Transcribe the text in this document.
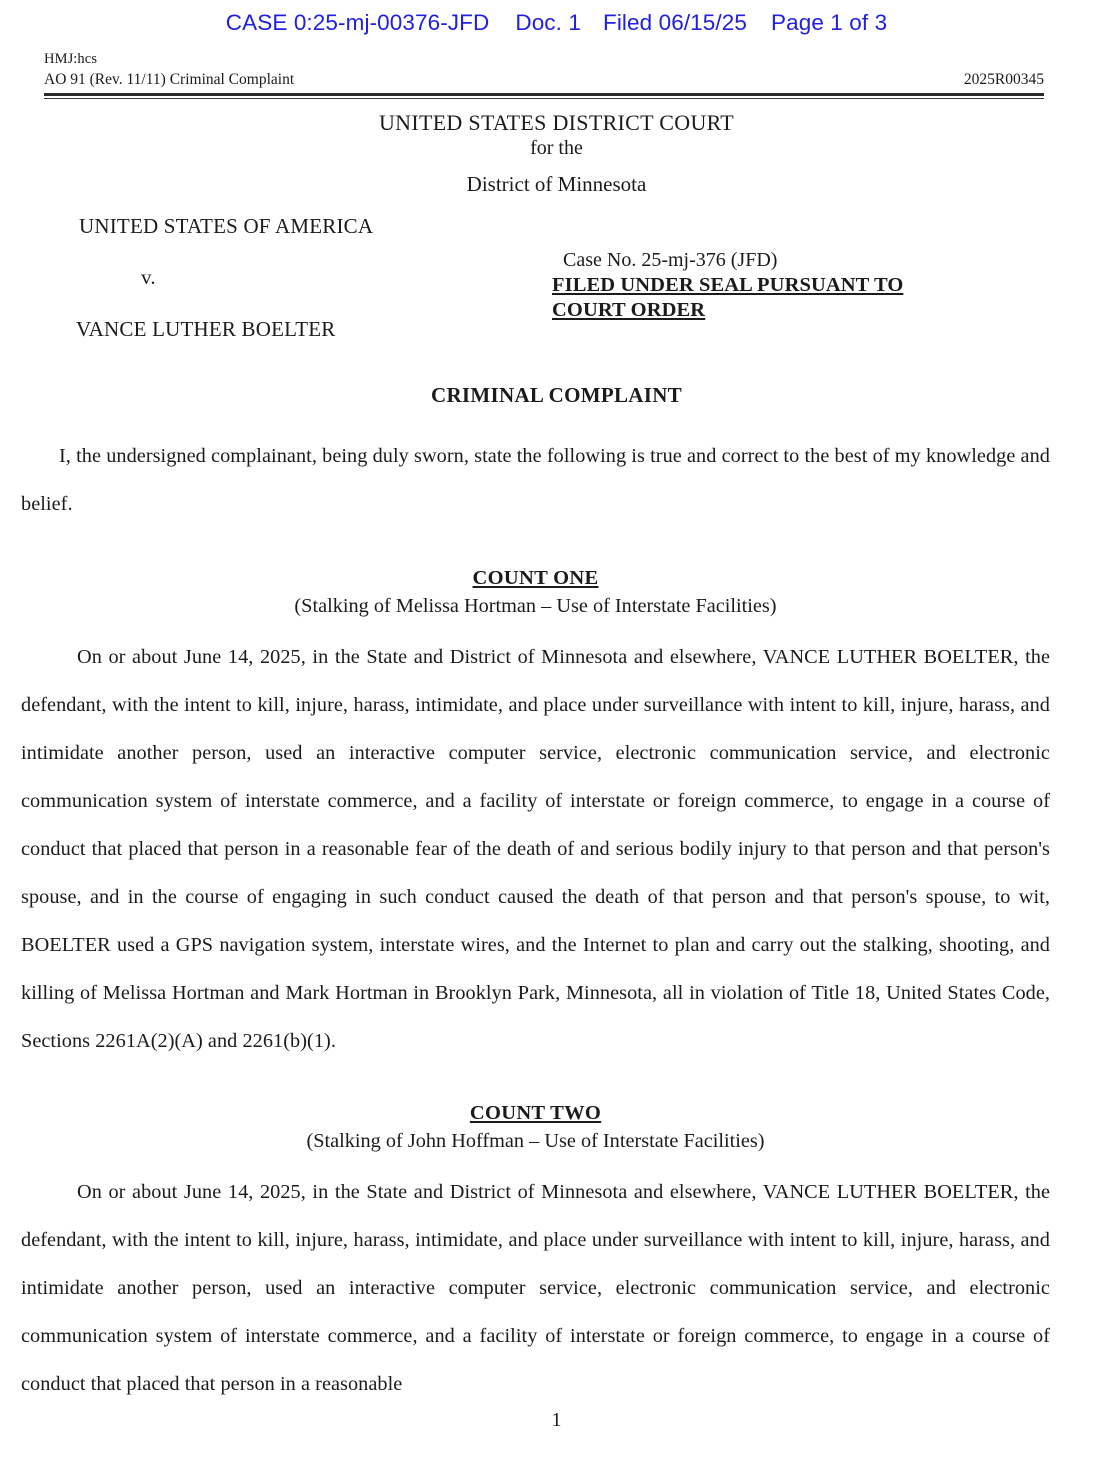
CASE 0:25-mj-00376-JFD Doc. 1 Filed 06/15/25 Page 1 of 3
HMJ:hcs
AO 91 (Rev. 11/11) Criminal Complaint	2025R00345
UNITED STATES DISTRICT COURT
for the
District of Minnesota
UNITED STATES OF AMERICA
v.
VANCE LUTHER BOELTER
Case No. 25-mj-376 (JFD)
FILED UNDER SEAL PURSUANT TO
COURT ORDER
CRIMINAL COMPLAINT

I, the undersigned complainant, being duly sworn, state the following is true and correct to the best of my knowledge and belief.

COUNT ONE
(Stalking of Melissa Hortman – Use of Interstate Facilities)

On or about June 14, 2025, in the State and District of Minnesota and elsewhere, VANCE LUTHER BOELTER, the defendant, with the intent to kill, injure, harass, intimidate, and place under surveillance with intent to kill, injure, harass, and intimidate another person, used an interactive computer service, electronic communication service, and electronic communication system of interstate commerce, and a facility of interstate or foreign commerce, to engage in a course of conduct that placed that person in a reasonable fear of the death of and serious bodily injury to that person and that person's spouse, and in the course of engaging in such conduct caused the death of that person and that person's spouse, to wit, BOELTER used a GPS navigation system, interstate wires, and the Internet to plan and carry out the stalking, shooting, and killing of Melissa Hortman and Mark Hortman in Brooklyn Park, Minnesota, all in violation of Title 18, United States Code, Sections 2261A(2)(A) and 2261(b)(1).

COUNT TWO
(Stalking of John Hoffman – Use of Interstate Facilities)

On or about June 14, 2025, in the State and District of Minnesota and elsewhere, VANCE LUTHER BOELTER, the defendant, with the intent to kill, injure, harass, intimidate, and place under surveillance with intent to kill, injure, harass, and intimidate another person, used an interactive computer service, electronic communication service, and electronic communication system of interstate commerce, and a facility of interstate or foreign commerce, to engage in a course of conduct that placed that person in a reasonable

1
